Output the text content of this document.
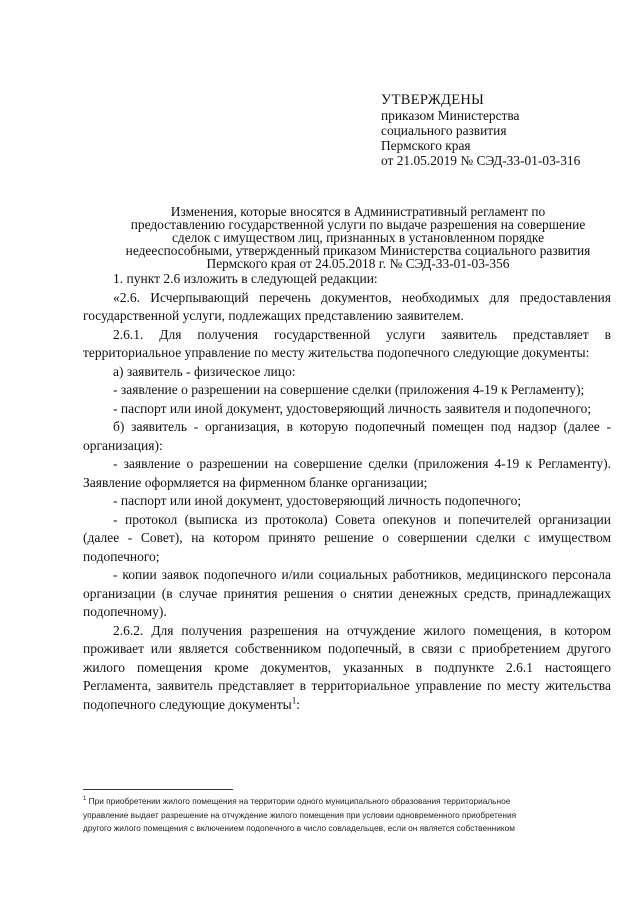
УТВЕРЖДЕНЫ
приказом Министерства
социального развития
Пермского края
от 21.05.2019 № СЭД-33-01-03-316
Изменения, которые вносятся в Административный регламент по
предоставлению государственной услуги по выдаче разрешения на совершение
сделок с имуществом лиц, признанных в установленном порядке
недееспособными, утвержденный приказом Министерства социального развития
Пермского края от 24.05.2018 г. № СЭД-33-01-03-356

1. пункт 2.6 изложить в следующей редакции:

«2.6. Исчерпывающий перечень документов, необходимых для предоставления государственной услуги, подлежащих представлению заявителем.

2.6.1. Для получения государственной услуги заявитель представляет в территориальное управление по месту жительства подопечного следующие документы:

а) заявитель - физическое лицо:

- заявление о разрешении на совершение сделки (приложения 4-19 к Регламенту);

- паспорт или иной документ, удостоверяющий личность заявителя и подопечного;

б) заявитель - организация, в которую подопечный помещен под надзор (далее - организация):

- заявление о разрешении на совершение сделки (приложения 4-19 к Регламенту). Заявление оформляется на фирменном бланке организации;

- паспорт или иной документ, удостоверяющий личность подопечного;

- протокол (выписка из протокола) Совета опекунов и попечителей организации (далее - Совет), на котором принято решение о совершении сделки с имуществом подопечного;

- копии заявок подопечного и/или социальных работников, медицинского персонала организации (в случае принятия решения о снятии денежных средств, принадлежащих подопечному).

2.6.2. Для получения разрешения на отчуждение жилого помещения, в котором проживает или является собственником подопечный, в связи с приобретением другого жилого помещения кроме документов, указанных в подпункте 2.6.1 настоящего Регламента, заявитель представляет в территориальное управление по месту жительства подопечного следующие документы$^1$:

$^1$ При приобретении жилого помещения на территории одного муниципального образования территориальное
управление выдает разрешение на отчуждение жилого помещения при условии одновременного приобретения
другого жилого помещения с включением подопечного в число совладельцев, если он является собственником
